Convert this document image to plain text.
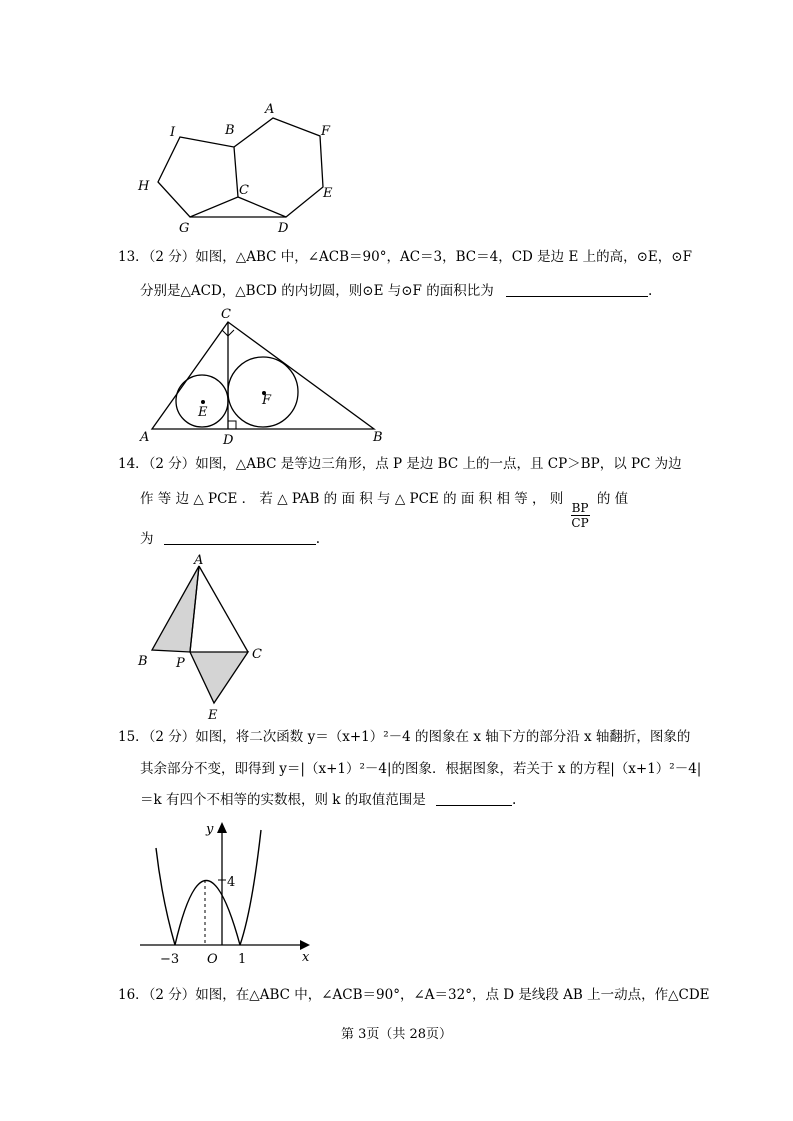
I	B
A
F
H	C	E
G	D
13．（2 分）如图，△ABC 中，∠ACB＝90°，AC＝3，BC＝4，CD 是边 E 上的高，⊙E，⊙F
分别是△ACD，△BCD 的内切圆，则⊙E 与⊙F 的面积比为	.
C
E
F
A	D	B
14．（2 分）如图，△ABC 是等边三角形，点 P 是边 BC 上的一点，且 CP＞BP，以 PC 为边
作 等 边 △ PCE ． 若 △ PAB 的 面 积 与 △ PCE 的 面 积 相 等 ， 则
$\frac{BP}{CP}$
的 值
为	.
A
B P
C
E
15．（2 分）如图，将二次函数 y＝（x+1）²－4 的图象在 x 轴下方的部分沿 x 轴翻折，图象的
其余部分不变，即得到 y＝|（x+1）²－4|的图象．根据图象，若关于 x 的方程|（x+1）²－4|
＝k 有四个不相等的实数根，则 k 的取值范围是	.
y
4
x
−3 O 1
16．（2 分）如图，在△ABC 中，∠ACB＝90°，∠A＝32°，点 D 是线段 AB 上一动点，作△CDE
第 3页（共 28页）
